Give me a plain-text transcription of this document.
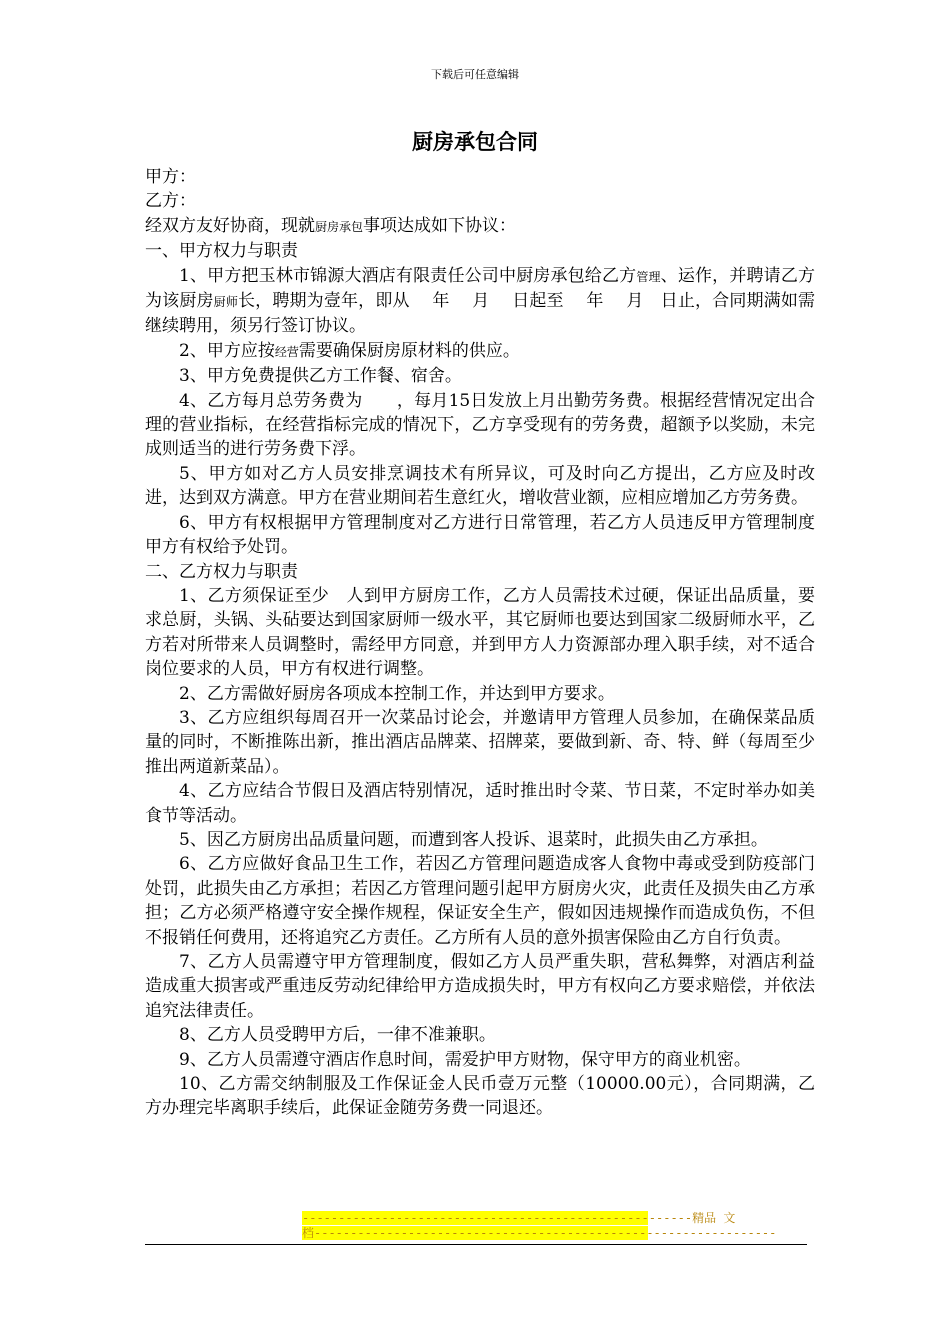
下载后可任意编辑
厨房承包合同

甲方：

乙方：

经双方友好协商，现就厨房承包事项达成如下协议：

一、甲方权力与职责

1、甲方把玉林市锦源大酒店有限责任公司中厨房承包给乙方管理、运作，并聘请乙方为该厨房厨师长，聘期为壹年，即从　 年　 月　 日起至　 年　 月　日止，合同期满如需继续聘用，须另行签订协议。

2、甲方应按经营需要确保厨房原材料的供应。

3、甲方免费提供乙方工作餐、宿舍。

4、乙方每月总劳务费为　　，每月15日发放上月出勤劳务费。根据经营情况定出合理的营业指标，在经营指标完成的情况下，乙方享受现有的劳务费，超额予以奖励，未完成则适当的进行劳务费下浮。

5、甲方如对乙方人员安排烹调技术有所异议，可及时向乙方提出，乙方应及时改进，达到双方满意。甲方在营业期间若生意红火，增收营业额，应相应增加乙方劳务费。

6、甲方有权根据甲方管理制度对乙方进行日常管理，若乙方人员违反甲方管理制度甲方有权给予处罚。

二、乙方权力与职责

1、乙方须保证至少　人到甲方厨房工作，乙方人员需技术过硬，保证出品质量，要求总厨，头锅、头砧要达到国家厨师一级水平，其它厨师也要达到国家二级厨师水平，乙方若对所带来人员调整时，需经甲方同意，并到甲方人力资源部办理入职手续，对不适合岗位要求的人员，甲方有权进行调整。

2、乙方需做好厨房各项成本控制工作，并达到甲方要求。

3、乙方应组织每周召开一次菜品讨论会，并邀请甲方管理人员参加，在确保菜品质量的同时，不断推陈出新，推出酒店品牌菜、招牌菜，要做到新、奇、特、鲜（每周至少推出两道新菜品）。

4、乙方应结合节假日及酒店特别情况，适时推出时令菜、节日菜，不定时举办如美食节等活动。

5、因乙方厨房出品质量问题，而遭到客人投诉、退菜时，此损失由乙方承担。

6、乙方应做好食品卫生工作，若因乙方管理问题造成客人食物中毒或受到防疫部门处罚，此损失由乙方承担；若因乙方管理问题引起甲方厨房火灾，此责任及损失由乙方承担；乙方必须严格遵守安全操作规程，保证安全生产，假如因违规操作而造成负伤，不但不报销任何费用，还将追究乙方责任。乙方所有人员的意外损害保险由乙方自行负责。

7、乙方人员需遵守甲方管理制度，假如乙方人员严重失职，营私舞弊，对酒店利益造成重大损害或严重违反劳动纪律给甲方造成损失时，甲方有权向乙方要求赔偿，并依法追究法律责任。

8、乙方人员受聘甲方后，一律不准兼职。

9、乙方人员需遵守酒店作息时间，需爱护甲方财物，保守甲方的商业机密。

10、乙方需交纳制服及工作保证金人民币壹万元整（10000.00元），合同期满，乙方办理完毕离职手续后，此保证金随劳务费一同退还。

------------------------------------------------------精品 文
档----------------------------------------------------------------
